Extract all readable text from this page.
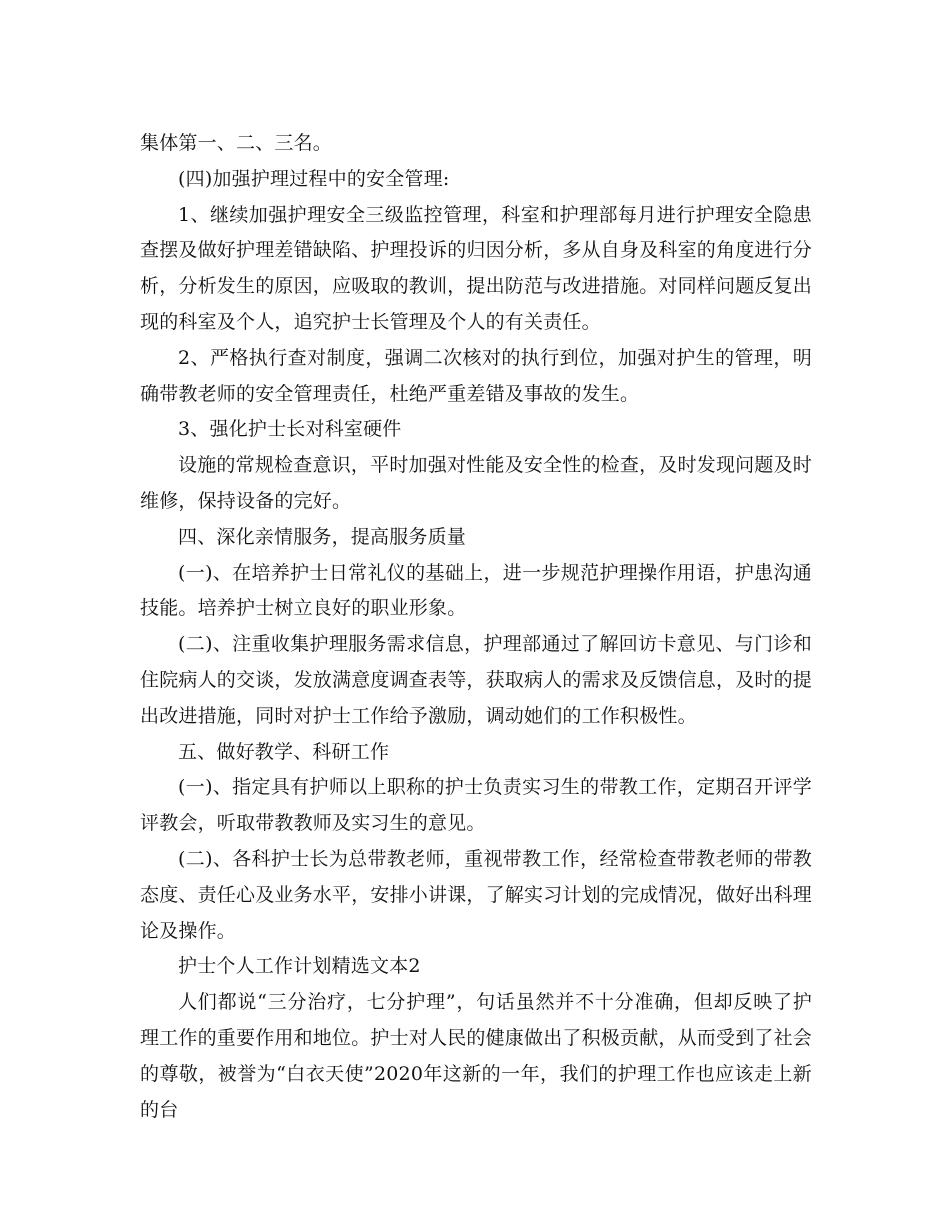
集体第一、二、三名。

(四)加强护理过程中的安全管理:

1、继续加强护理安全三级监控管理，科室和护理部每月进行护理安全隐患查摆及做好护理差错缺陷、护理投诉的归因分析，多从自身及科室的角度进行分析，分析发生的原因，应吸取的教训，提出防范与改进措施。对同样问题反复出现的科室及个人，追究护士长管理及个人的有关责任。

2、严格执行查对制度，强调二次核对的执行到位，加强对护生的管理，明确带教老师的安全管理责任，杜绝严重差错及事故的发生。

3、强化护士长对科室硬件

设施的常规检查意识，平时加强对性能及安全性的检查，及时发现问题及时维修，保持设备的完好。

四、深化亲情服务，提高服务质量

(一)、在培养护士日常礼仪的基础上，进一步规范护理操作用语，护患沟通技能。培养护士树立良好的职业形象。

(二)、注重收集护理服务需求信息，护理部通过了解回访卡意见、与门诊和住院病人的交谈，发放满意度调查表等，获取病人的需求及反馈信息，及时的提出改进措施，同时对护士工作给予激励，调动她们的工作积极性。

五、做好教学、科研工作

(一)、指定具有护师以上职称的护士负责实习生的带教工作，定期召开评学评教会，听取带教教师及实习生的意见。

(二)、各科护士长为总带教老师，重视带教工作，经常检查带教老师的带教态度、责任心及业务水平，安排小讲课，了解实习计划的完成情况，做好出科理论及操作。

护士个人工作计划精选文本2

人们都说“三分治疗，七分护理”，句话虽然并不十分准确，但却反映了护理工作的重要作用和地位。护士对人民的健康做出了积极贡献，从而受到了社会的尊敬，被誉为“白衣天使”2020年这新的一年，我们的护理工作也应该走上新的台
